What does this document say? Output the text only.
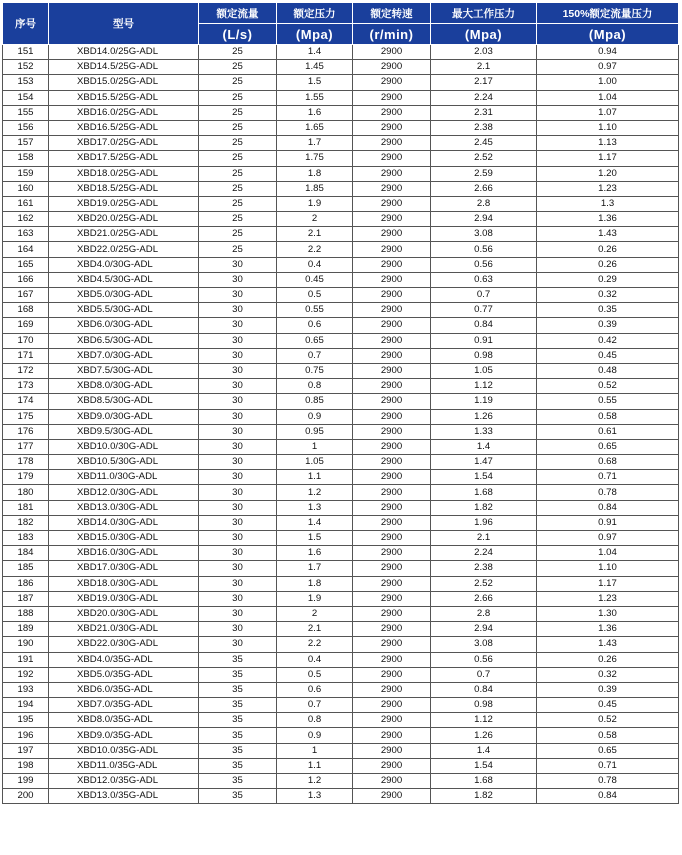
序号	型号	额定流量	额定压力	额定转速	最大工作压力	150%额定流量压力
		(L/s)	(Mpa)	(r/min)	(Mpa)	(Mpa)
151	XBD14.0/25G-ADL	25	1.4	2900	2.03	0.94
152	XBD14.5/25G-ADL	25	1.45	2900	2.1	0.97
153	XBD15.0/25G-ADL	25	1.5	2900	2.17	1.00
154	XBD15.5/25G-ADL	25	1.55	2900	2.24	1.04
155	XBD16.0/25G-ADL	25	1.6	2900	2.31	1.07
156	XBD16.5/25G-ADL	25	1.65	2900	2.38	1.10
157	XBD17.0/25G-ADL	25	1.7	2900	2.45	1.13
158	XBD17.5/25G-ADL	25	1.75	2900	2.52	1.17
159	XBD18.0/25G-ADL	25	1.8	2900	2.59	1.20
160	XBD18.5/25G-ADL	25	1.85	2900	2.66	1.23
161	XBD19.0/25G-ADL	25	1.9	2900	2.8	1.3
162	XBD20.0/25G-ADL	25	2	2900	2.94	1.36
163	XBD21.0/25G-ADL	25	2.1	2900	3.08	1.43
164	XBD22.0/25G-ADL	25	2.2	2900	0.56	0.26
165	XBD4.0/30G-ADL	30	0.4	2900	0.56	0.26
166	XBD4.5/30G-ADL	30	0.45	2900	0.63	0.29
167	XBD5.0/30G-ADL	30	0.5	2900	0.7	0.32
168	XBD5.5/30G-ADL	30	0.55	2900	0.77	0.35
169	XBD6.0/30G-ADL	30	0.6	2900	0.84	0.39
170	XBD6.5/30G-ADL	30	0.65	2900	0.91	0.42
171	XBD7.0/30G-ADL	30	0.7	2900	0.98	0.45
172	XBD7.5/30G-ADL	30	0.75	2900	1.05	0.48
173	XBD8.0/30G-ADL	30	0.8	2900	1.12	0.52
174	XBD8.5/30G-ADL	30	0.85	2900	1.19	0.55
175	XBD9.0/30G-ADL	30	0.9	2900	1.26	0.58
176	XBD9.5/30G-ADL	30	0.95	2900	1.33	0.61
177	XBD10.0/30G-ADL	30	1	2900	1.4	0.65
178	XBD10.5/30G-ADL	30	1.05	2900	1.47	0.68
179	XBD11.0/30G-ADL	30	1.1	2900	1.54	0.71
180	XBD12.0/30G-ADL	30	1.2	2900	1.68	0.78
181	XBD13.0/30G-ADL	30	1.3	2900	1.82	0.84
182	XBD14.0/30G-ADL	30	1.4	2900	1.96	0.91
183	XBD15.0/30G-ADL	30	1.5	2900	2.1	0.97
184	XBD16.0/30G-ADL	30	1.6	2900	2.24	1.04
185	XBD17.0/30G-ADL	30	1.7	2900	2.38	1.10
186	XBD18.0/30G-ADL	30	1.8	2900	2.52	1.17
187	XBD19.0/30G-ADL	30	1.9	2900	2.66	1.23
188	XBD20.0/30G-ADL	30	2	2900	2.8	1.30
189	XBD21.0/30G-ADL	30	2.1	2900	2.94	1.36
190	XBD22.0/30G-ADL	30	2.2	2900	3.08	1.43
191	XBD4.0/35G-ADL	35	0.4	2900	0.56	0.26
192	XBD5.0/35G-ADL	35	0.5	2900	0.7	0.32
193	XBD6.0/35G-ADL	35	0.6	2900	0.84	0.39
194	XBD7.0/35G-ADL	35	0.7	2900	0.98	0.45
195	XBD8.0/35G-ADL	35	0.8	2900	1.12	0.52
196	XBD9.0/35G-ADL	35	0.9	2900	1.26	0.58
197	XBD10.0/35G-ADL	35	1	2900	1.4	0.65
198	XBD11.0/35G-ADL	35	1.1	2900	1.54	0.71
199	XBD12.0/35G-ADL	35	1.2	2900	1.68	0.78
200	XBD13.0/35G-ADL	35	1.3	2900	1.82	0.84
